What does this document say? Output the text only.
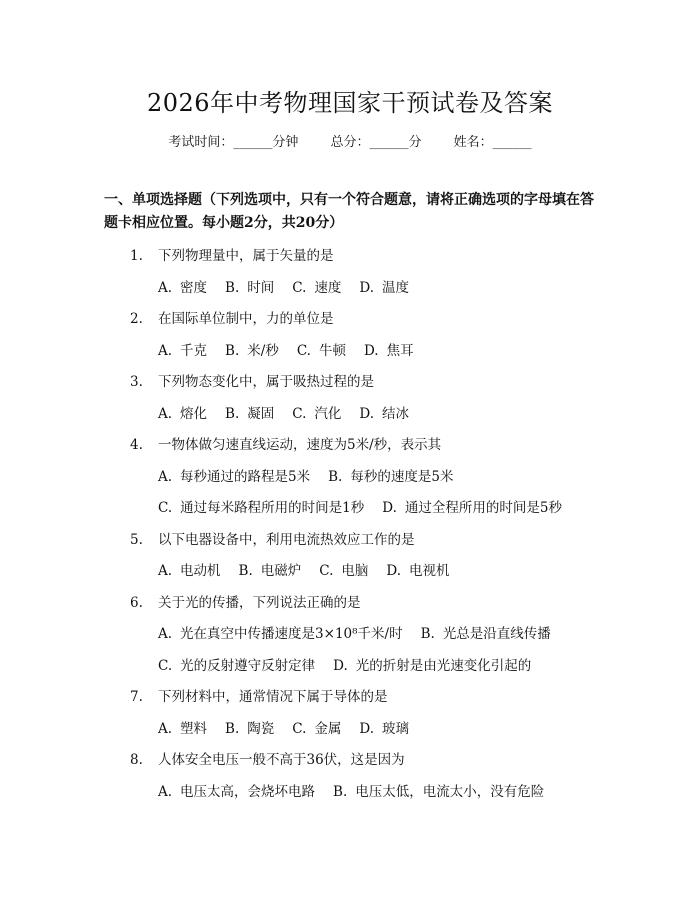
2026年中考物理国家干预试卷及答案
考试时间：______分钟 总分：______分 姓名：______
一、单项选择题（下列选项中，只有一个符合题意，请将正确选项的字母填在答题卡相应位置。每小题2分，共20分）
1. 下列物理量中，属于矢量的是
A. 密度 B. 时间 C. 速度 D. 温度
2. 在国际单位制中，力的单位是
A. 千克 B. 米/秒 C. 牛顿 D. 焦耳
3. 下列物态变化中，属于吸热过程的是
A. 熔化 B. 凝固 C. 汽化 D. 结冰
4. 一物体做匀速直线运动，速度为5米/秒，表示其
A. 每秒通过的路程是5米 B. 每秒的速度是5米
C. 通过每米路程所用的时间是1秒 D. 通过全程所用的时间是5秒
5. 以下电器设备中，利用电流热效应工作的是
A. 电动机 B. 电磁炉 C. 电脑 D. 电视机
6. 关于光的传播，下列说法正确的是
A. 光在真空中传播速度是3×10⁸千米/时 B. 光总是沿直线传播
C. 光的反射遵守反射定律 D. 光的折射是由光速变化引起的
7. 下列材料中，通常情况下属于导体的是
A. 塑料 B. 陶瓷 C. 金属 D. 玻璃
8. 人体安全电压一般不高于36伏，这是因为
A. 电压太高，会烧坏电路 B. 电压太低，电流太小，没有危险
